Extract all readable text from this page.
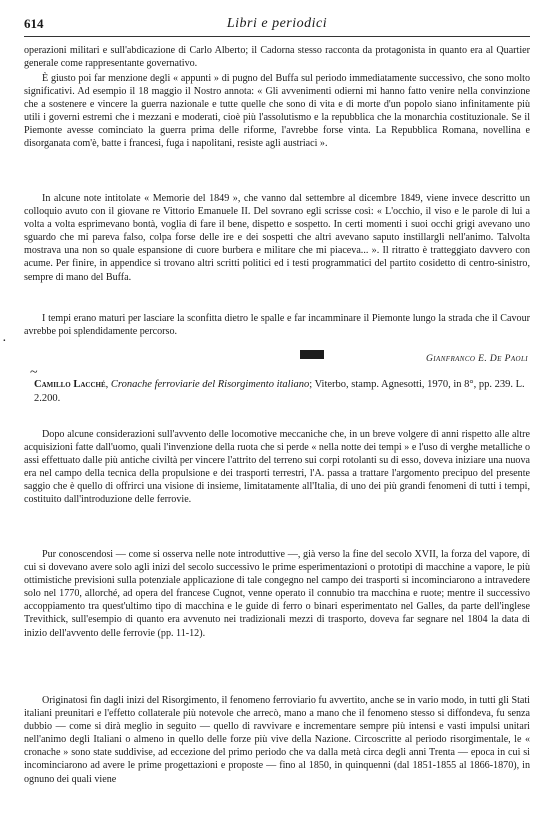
614	Libri e periodici

operazioni militari e sull'abdicazione di Carlo Alberto; il Cadorna stesso racconta da protagonista in quanto era al Quartier generale come rappresentante governativo.

È giusto poi far menzione degli « appunti » di pugno del Buffa sul periodo immediatamente successivo, che sono molto significativi. Ad esempio il 18 maggio il Nostro annota: « Gli avvenimenti odierni mi hanno fatto venire nella convinzione che a sostenere e vincere la guerra nazionale e tutte quelle che sono di vita e di morte d'un popolo siano infinitamente più utili i governi estremi che i mezzani e moderati, cioè più l'assolutismo e la repubblica che la monarchia costituzionale. Se il Piemonte avesse cominciato la guerra prima delle riforme, l'avrebbe forse vinta. La Repubblica Romana, novellina e disorganata com'è, batte i francesi, fuga i napolitani, resiste agli austriaci ».

In alcune note intitolate « Memorie del 1849 », che vanno dal settembre al dicembre 1849, viene invece descritto un colloquio avuto con il giovane re Vittorio Emanuele II. Del sovrano egli scrisse così: « L'occhio, il viso e le parole di lui a volta a volta esprimevano bontà, voglia di fare il bene, dispetto e sospetto. In certi momenti i suoi occhi grigi avevano uno sguardo che mi pareva falso, colpa forse delle ire e dei sospetti che altri avevano saputo instillargli nell'animo. Talvolta mostrava una non so quale espansione di cuore burbera e militare che mi piaceva... ». Il ritratto è tratteggiato davvero con acume. Per finire, in appendice si trovano altri scritti politici ed i testi programmatici del partito cosidetto di centro-sinistro, sempre di mano del Buffa.

I tempi erano maturi per lasciare la sconfitta dietro le spalle e far incamminare il Piemonte lungo la strada che il Cavour avrebbe poi splendidamente percorso.

Gianfranco E. De Paoli
~
·

Camillo Lacché, Cronache ferroviarie del Risorgimento italiano; Viterbo, stamp. Agnesotti, 1970, in 8°, pp. 239. L. 2.200.

Dopo alcune considerazioni sull'avvento delle locomotive meccaniche che, in un breve volgere di anni rispetto alle altre acquisizioni fatte dall'uomo, quali l'invenzione della ruota che si perde « nella notte dei tempi » e l'uso di verghe metalliche o assi effettuato dalle più antiche civiltà per vincere l'attrito del terreno sui corpi rotolanti su di esso, doveva iniziare una nuova era nel campo della tecnica della propulsione e dei trasporti terrestri, l'A. passa a trattare l'argomento precipuo del presente saggio che è quello di offrirci una visione di insieme, limitatamente all'Italia, di uno dei più grandi fenomeni di tutti i tempi, costituito dall'introduzione delle ferrovie.

Pur conoscendosi — come si osserva nelle note introduttive —, già verso la fine del secolo XVII, la forza del vapore, di cui si dovevano avere solo agli inizi del secolo successivo le prime esperimentazioni o prototipi di macchine a vapore, le più ottimistiche previsioni sulla potenziale applicazione di tale congegno nel campo dei trasporti si incominciarono a intravedere solo nel 1770, allorché, ad opera del francese Cugnot, venne operato il connubio tra macchina e ruote; mentre il successivo accoppiamento tra quest'ultimo tipo di macchina e le guide di ferro o binari esperimentato nel Galles, da parte dell'inglese Trevithick, sull'esempio di quanto era avvenuto nei tradizionali mezzi di trasporto, doveva far segnare nel 1804 la data di inizio dell'avvento delle ferrovie (pp. 11-12).

Originatosi fin dagli inizi del Risorgimento, il fenomeno ferroviario fu avvertito, anche se in vario modo, in tutti gli Stati italiani preunitari e l'effetto collaterale più notevole che arrecò, mano a mano che il fenomeno stesso si diffondeva, fu senza dubbio — come si dirà meglio in seguito — quello di ravvivare e incrementare sempre più intensi e vasti impulsi unitari nell'animo degli Italiani o almeno in quello delle forze più vive della Nazione. Circoscritte al periodo risorgimentale, le « cronache » sono state suddivise, ad eccezione del primo periodo che va dalla metà circa degli anni Trenta — epoca in cui si incominciarono ad avere le prime progettazioni e proposte — fino al 1850, in quinquenni (dal 1851-1855 al 1866-1870), in ognuno dei quali viene
